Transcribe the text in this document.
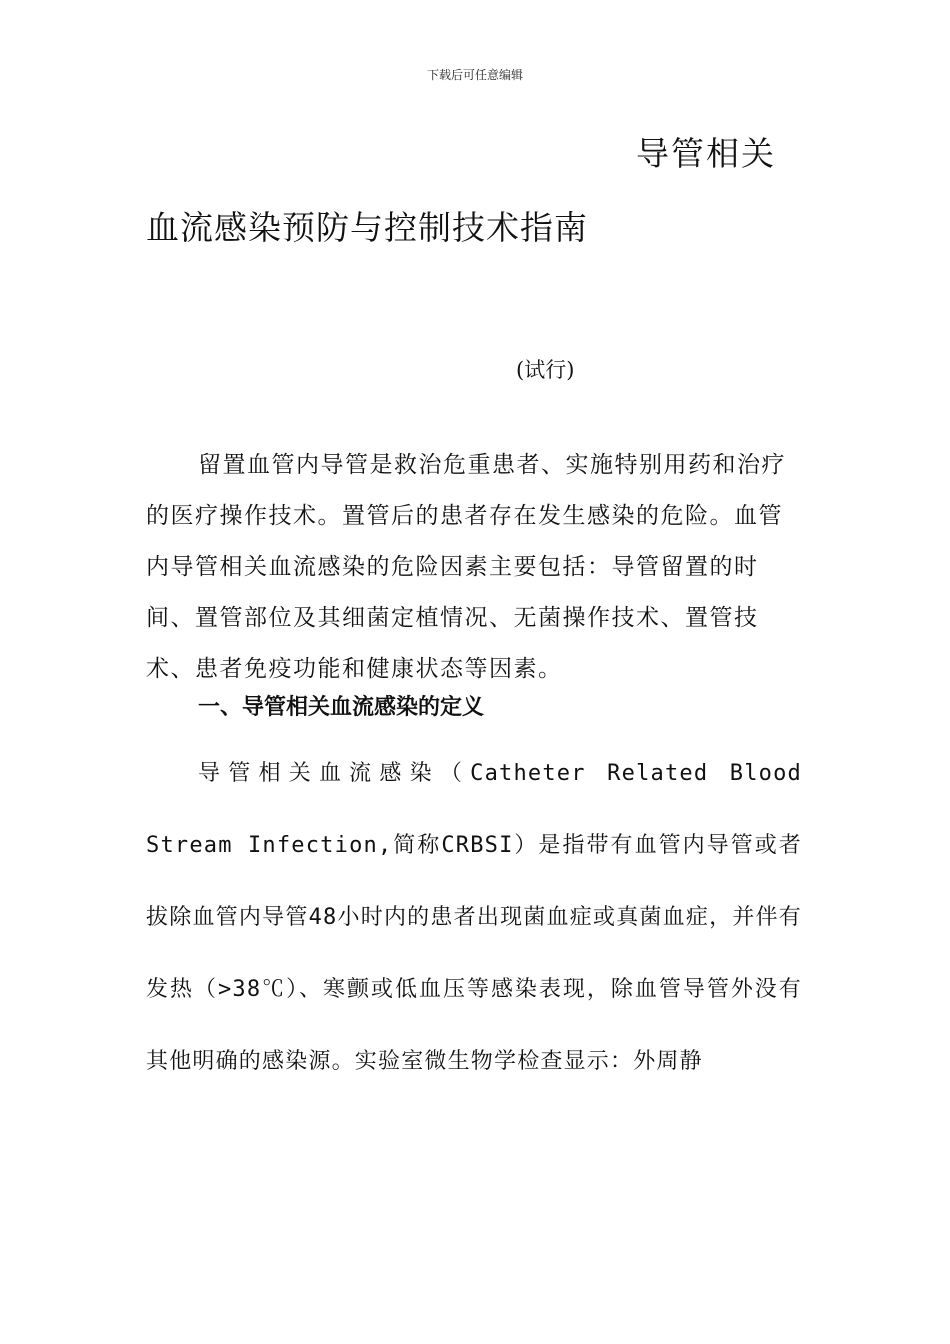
下载后可任意编辑
导管相关
血流感染预防与控制技术指南
(试行)

留置血管内导管是救治危重患者、实施特别用药和治疗的医疗操作技术。置管后的患者存在发生感染的危险。血管内导管相关血流感染的危险因素主要包括：导管留置的时间、置管部位及其细菌定植情况、无菌操作技术、置管技术、患者免疫功能和健康状态等因素。

一、导管相关血流感染的定义

导管相关血流感染（Catheter Related Blood Stream Infection,简称CRBSI）是指带有血管内导管或者拔除血管内导管48小时内的患者出现菌血症或真菌血症，并伴有发热（>38℃）、寒颤或低血压等感染表现，除血管导管外没有其他明确的感染源。实验室微生物学检查显示：外周静
